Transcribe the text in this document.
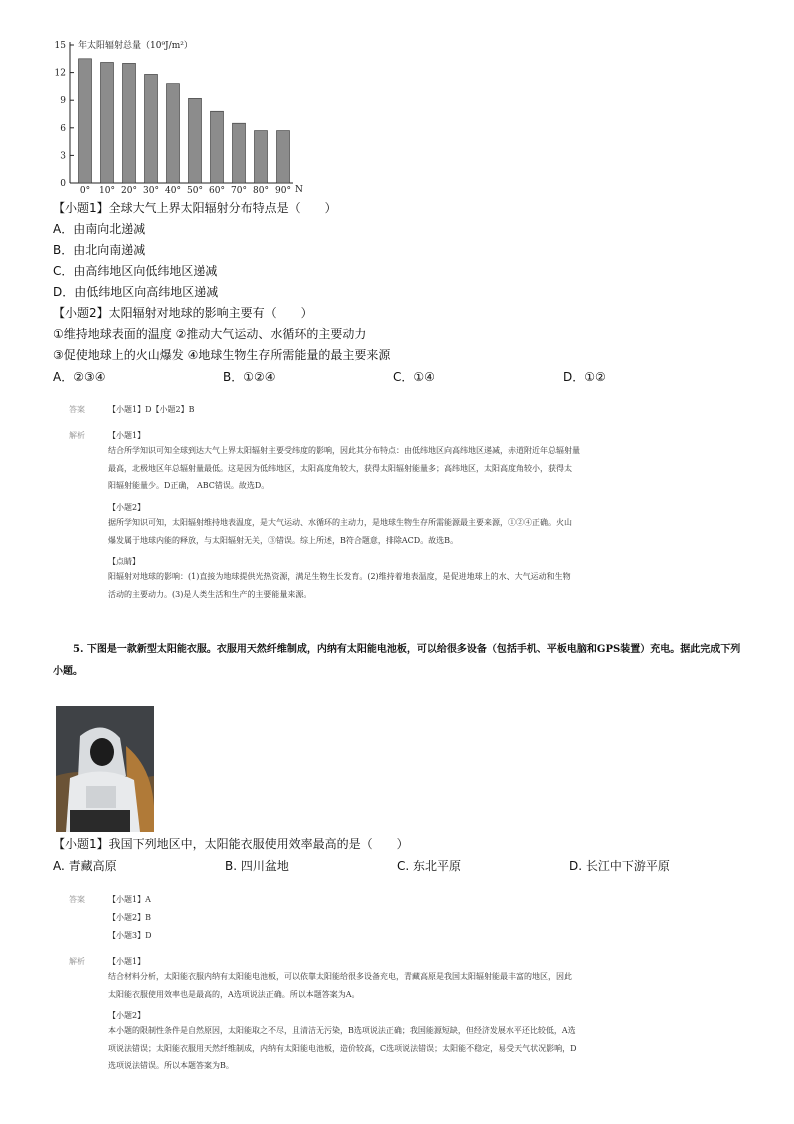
年太阳辐射总量（10⁹J/m²）
0
3
6
9
12
15
0° 10° 20° 30° 40° 50° 60° 70° 80° 90° N
【小题1】全球大气上界太阳辐射分布特点是（　　）
A．由南向北递减
B．由北向南递减
C．由高纬地区向低纬地区递减
D．由低纬地区向高纬地区递减
【小题2】太阳辐射对地球的影响主要有（　　）
①维持地球表面的温度 ②推动大气运动、水循环的主要动力
③促使地球上的火山爆发 ④地球生物生存所需能量的最主要来源
A．②③④	B．①②④	C．①④	D．①②
答案	【小题1】D【小题2】B
解析	【小题1】
结合所学知识可知全球到达大气上界太阳辐射主要受纬度的影响，因此其分布特点：由低纬地区向高纬地区递减，赤道附近年总辐射量
最高，北极地区年总辐射量最低。这是因为低纬地区，太阳高度角较大，获得太阳辐射能量多；高纬地区，太阳高度角较小，获得太
阳辐射能量少。D正确， ABC错误。故选D。
【小题2】
据所学知识可知，太阳辐射维持地表温度，是大气运动、水循环的主动力，是地球生物生存所需能源最主要来源，①②④正确。火山
爆发属于地球内能的释放，与太阳辐射无关，③错误。综上所述，B符合题意，排除ACD。故选B。
【点睛】
阳辐射对地球的影响：(1)直接为地球提供光热资源，满足生物生长发育。(2)维持着地表温度，是促进地球上的水、大气运动和生物
活动的主要动力。(3)是人类生活和生产的主要能量来源。

5. 下图是一款新型太阳能衣服。衣服用天然纤维制成，内纳有太阳能电池板，可以给很多设备（包括手机、平板电脑和GPS装置）充电。据此完成下列小题。

【小题1】我国下列地区中，太阳能衣服使用效率最高的是（　　）
A. 青藏高原	B. 四川盆地	C. 东北平原	D. 长江中下游平原
答案	【小题1】A
【小题2】B
【小题3】D
解析	【小题1】
结合材料分析，太阳能衣服内纳有太阳能电池板，可以依靠太阳能给很多设备充电，青藏高原是我国太阳辐射能最丰富的地区，因此
太阳能衣服使用效率也是最高的，A选项说法正确。所以本题答案为A。
【小题2】
本小题的限制性条件是自然原因，太阳能取之不尽，且清洁无污染，B选项说法正确；我国能源短缺，但经济发展水平还比较低，A选
项说法错误；太阳能衣服用天然纤维制成，内纳有太阳能电池板，造价较高，C选项说法错误；太阳能不稳定，易受天气状况影响，D
选项说法错误。所以本题答案为B。
